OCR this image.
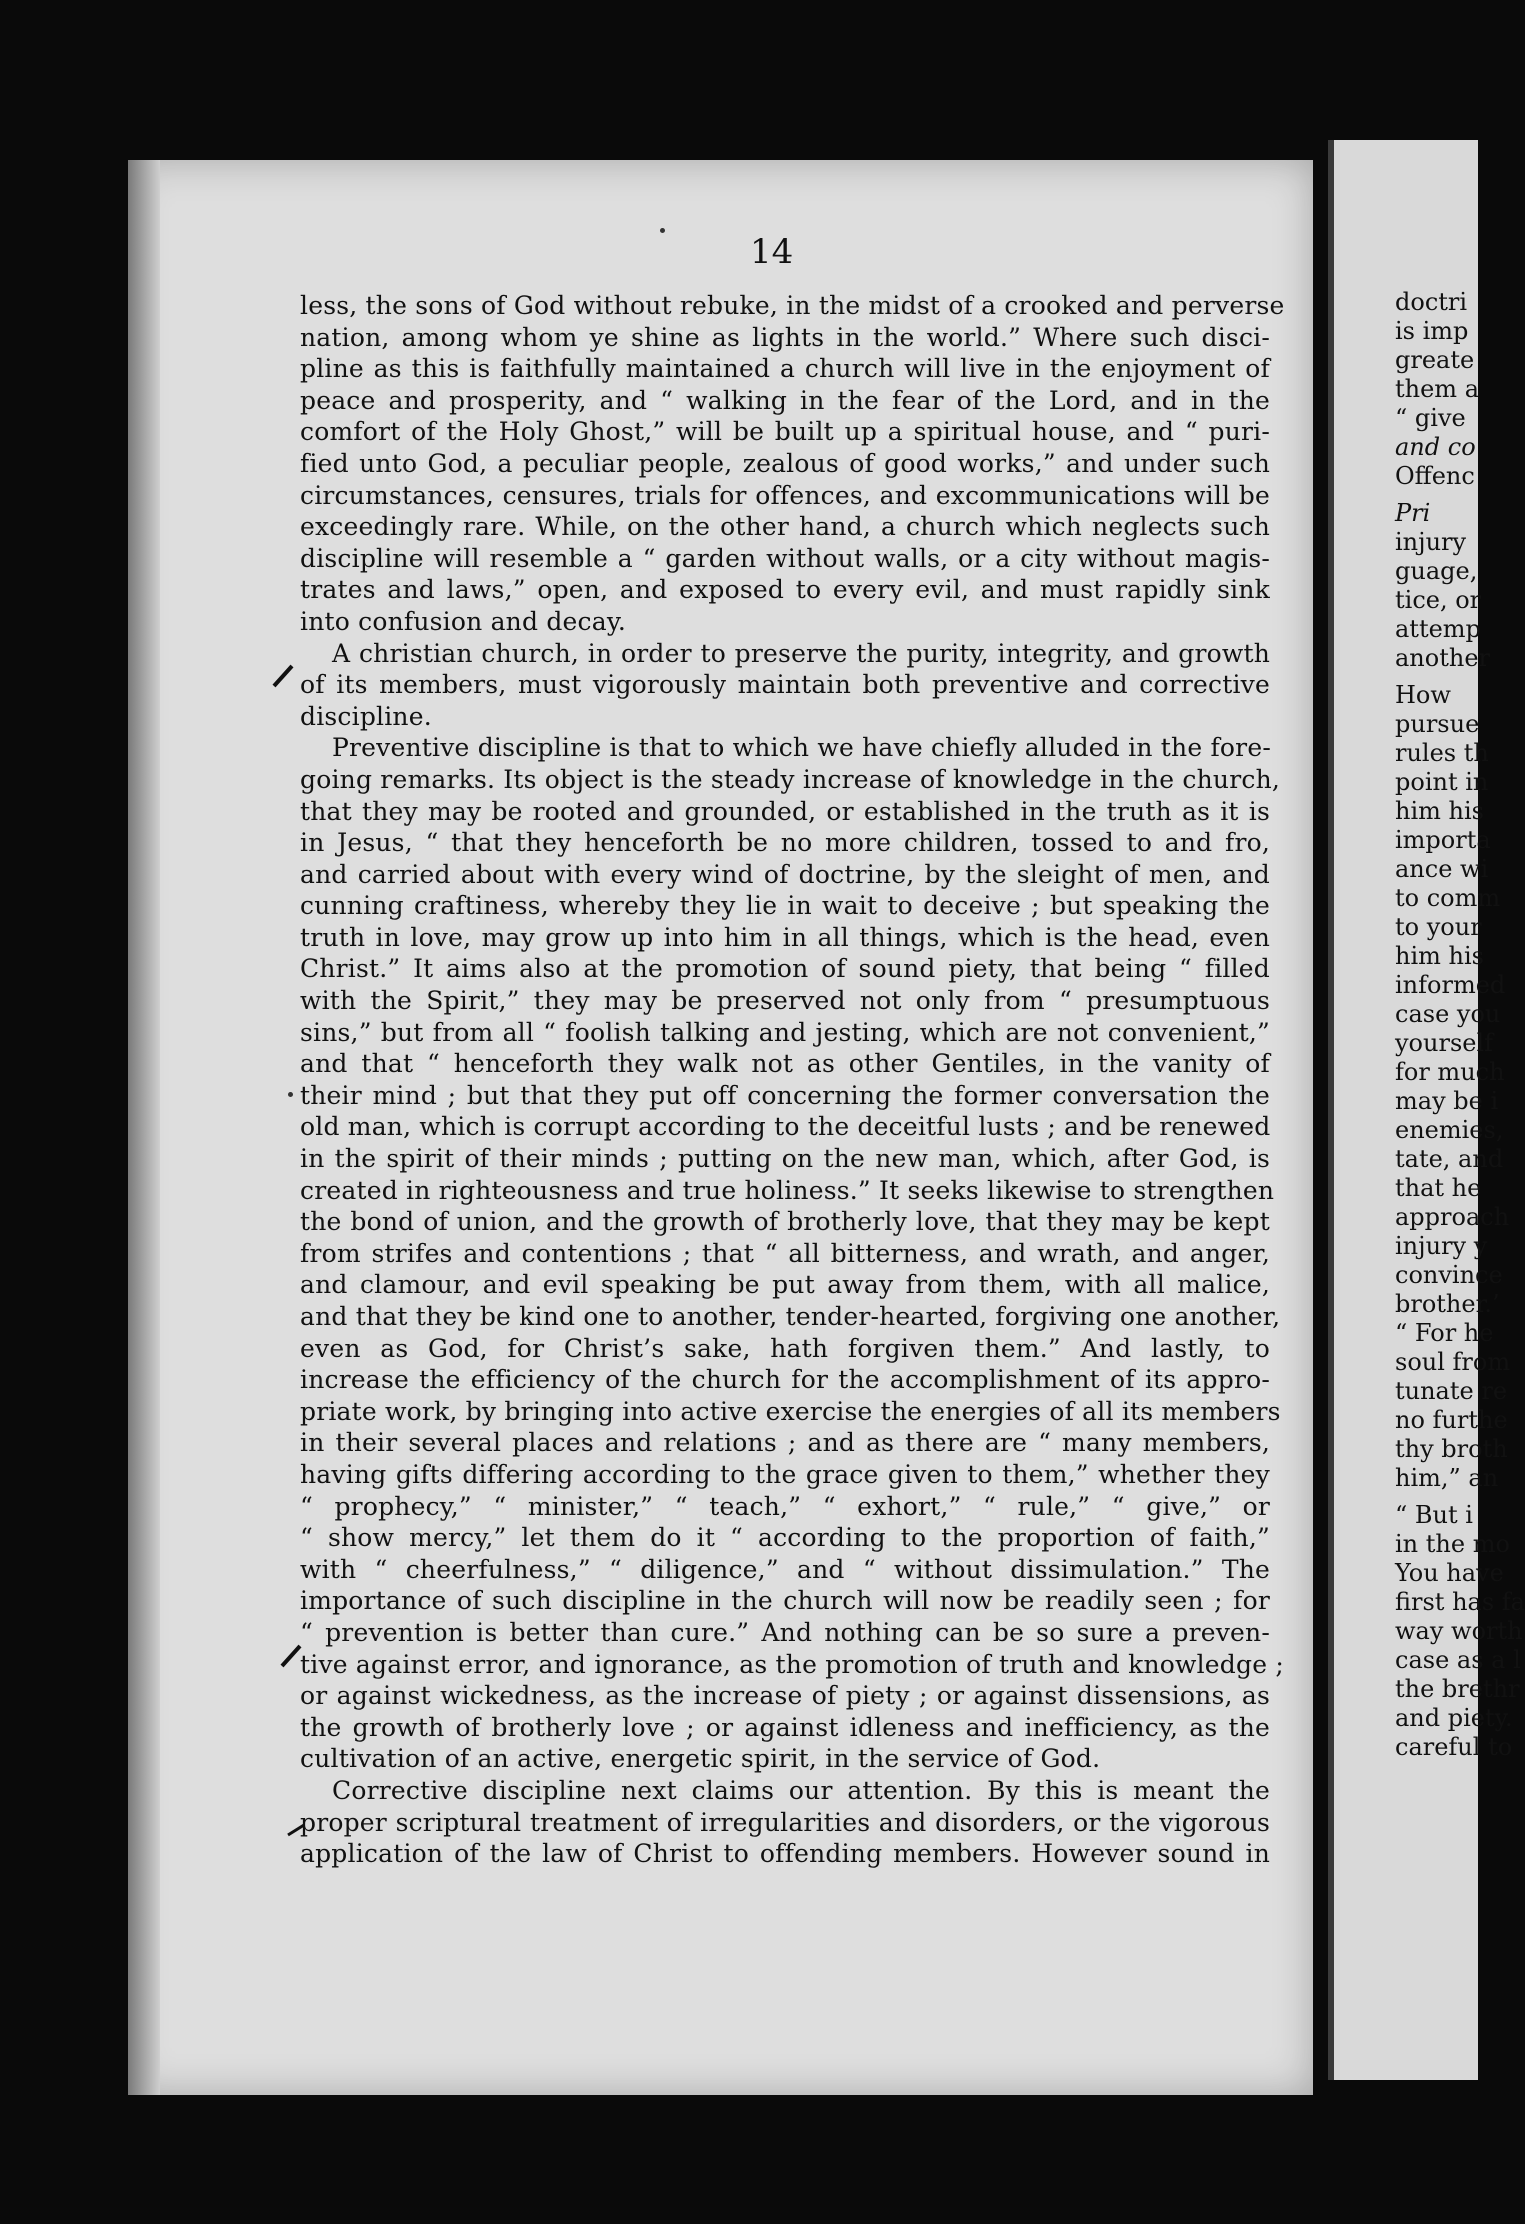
14
less, the sons of God without rebuke, in the midst of a crooked and perverse
nation, among whom ye shine as lights in the world.” Where such disci-
pline as this is faithfully maintained a church will live in the enjoyment of
peace and prosperity, and “ walking in the fear of the Lord, and in the
comfort of the Holy Ghost,” will be built up a spiritual house, and “ puri-
fied unto God, a peculiar people, zealous of good works,” and under such
circumstances, censures, trials for offences, and excommunications will be
exceedingly rare. While, on the other hand, a church which neglects such
discipline will resemble a “ garden without walls, or a city without magis-
trates and laws,” open, and exposed to every evil, and must rapidly sink
into confusion and decay.
A christian church, in order to preserve the purity, integrity, and growth
of its members, must vigorously maintain both preventive and corrective
discipline.
Preventive discipline is that to which we have chiefly alluded in the fore-
going remarks. Its object is the steady increase of knowledge in the church,
that they may be rooted and grounded, or established in the truth as it is
in Jesus, “ that they henceforth be no more children, tossed to and fro,
and carried about with every wind of doctrine, by the sleight of men, and
cunning craftiness, whereby they lie in wait to deceive ; but speaking the
truth in love, may grow up into him in all things, which is the head, even
Christ.” It aims also at the promotion of sound piety, that being “ filled
with the Spirit,” they may be preserved not only from “ presumptuous
sins,” but from all “ foolish talking and jesting, which are not convenient,”
and that “ henceforth they walk not as other Gentiles, in the vanity of
their mind ; but that they put off concerning the former conversation the
old man, which is corrupt according to the deceitful lusts ; and be renewed
in the spirit of their minds ; putting on the new man, which, after God, is
created in righteousness and true holiness.” It seeks likewise to strengthen
the bond of union, and the growth of brotherly love, that they may be kept
from strifes and contentions ; that “ all bitterness, and wrath, and anger,
and clamour, and evil speaking be put away from them, with all malice,
and that they be kind one to another, tender-hearted, forgiving one another,
even as God, for Christ’s sake, hath forgiven them.” And lastly, to
increase the efficiency of the church for the accomplishment of its appro-
priate work, by bringing into active exercise the energies of all its members
in their several places and relations ; and as there are “ many members,
having gifts differing according to the grace given to them,” whether they
“ prophecy,” “ minister,” “ teach,” “ exhort,” “ rule,” “ give,” or
“ show mercy,” let them do it “ according to the proportion of faith,”
with “ cheerfulness,” “ diligence,” and “ without dissimulation.” The
importance of such discipline in the church will now be readily seen ; for
“ prevention is better than cure.” And nothing can be so sure a preven-
tive against error, and ignorance, as the promotion of truth and knowledge ;
or against wickedness, as the increase of piety ; or against dissensions, as
the growth of brotherly love ; or against idleness and inefficiency, as the
cultivation of an active, energetic spirit, in the service of God.
Corrective discipline next claims our attention. By this is meant the
proper scriptural treatment of irregularities and disorders, or the vigorous
application of the law of Christ to offending members. However sound in
doctri
is imp
greate
them a
“ give
and co
Offenc
Pri
injury
guage,
tice, or
attemp
another
How
pursue
rules th
point in
him his
importa
ance wi
to comm
to your
him his
informed
case you
yourself
for much
may be i
enemies,
tate, and
that he
approach
injury y
convince
brother.’
“ For he
soul from
tunate re
no furthe
thy broth
him,” an
“ But i
in the mo
You have
first has fa
way worth
case as a l
the brethr
and piety.
careful to
